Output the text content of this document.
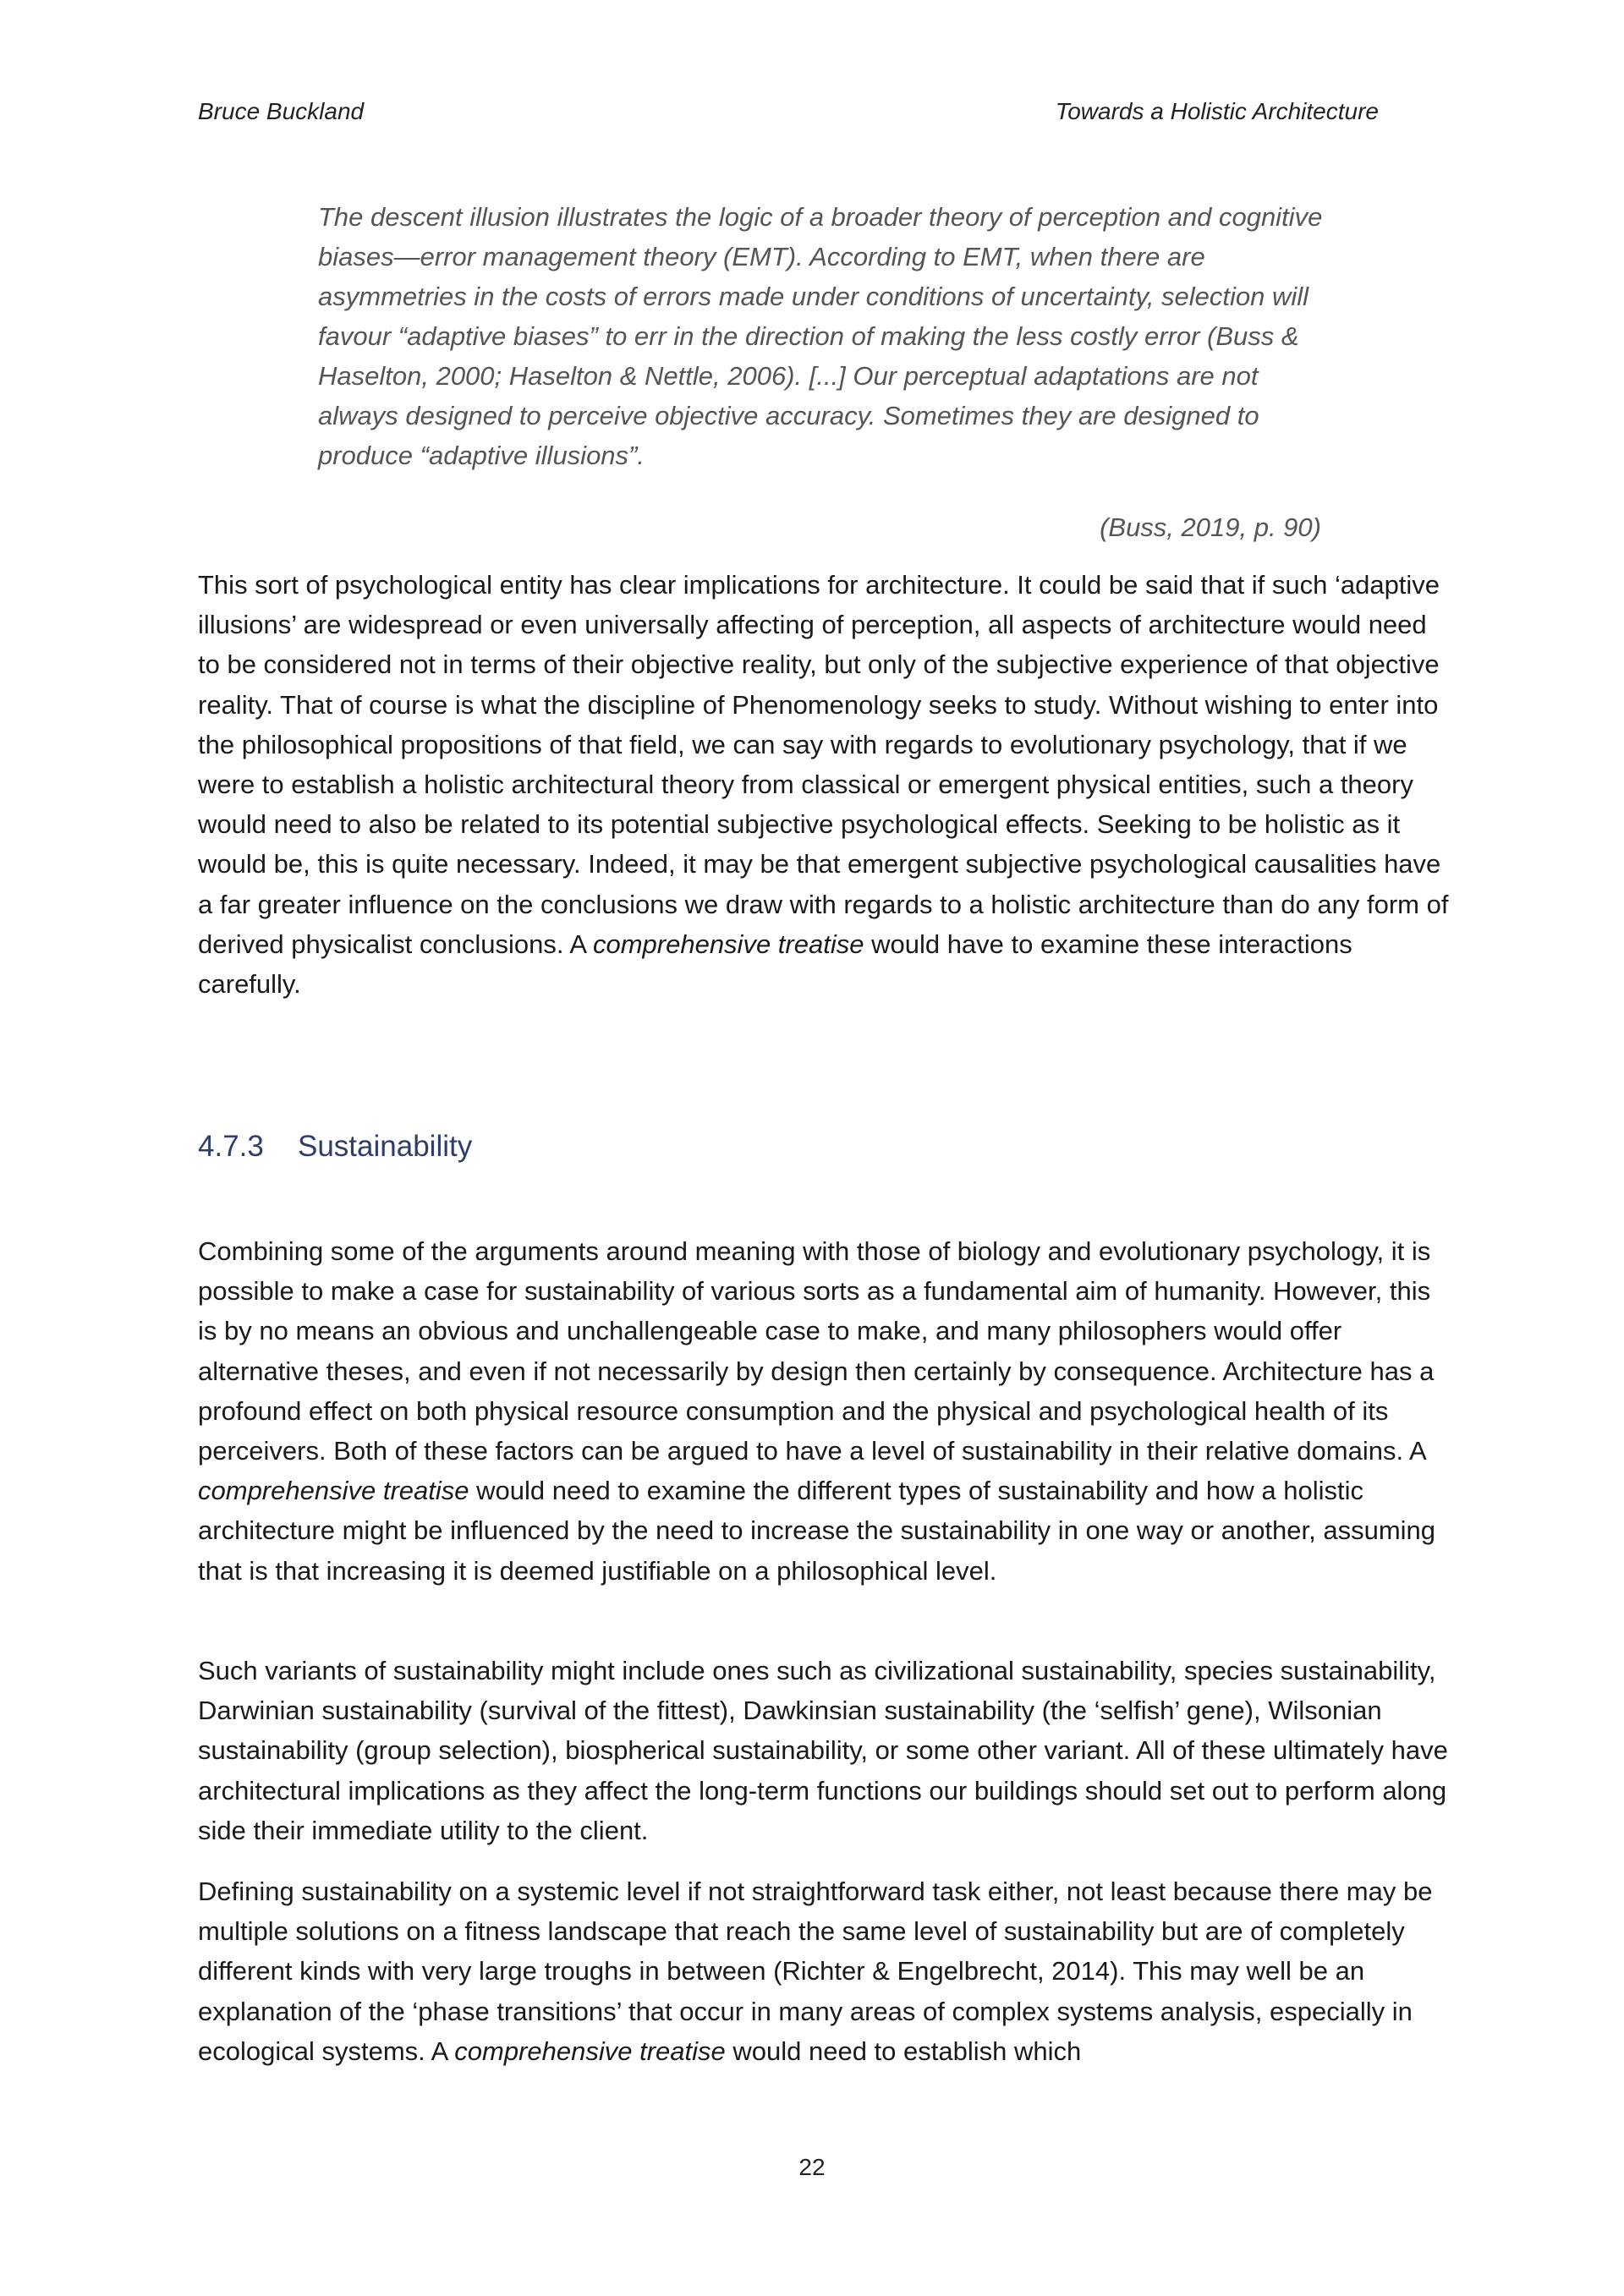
Bruce Buckland	Towards a Holistic Architecture

The descent illusion illustrates the logic of a broader theory of perception and cognitive biases—error management theory (EMT). According to EMT, when there are asymmetries in the costs of errors made under conditions of uncertainty, selection will favour “adaptive biases” to err in the direction of making the less costly error (Buss & Haselton, 2000; Haselton & Nettle, 2006). [...] Our perceptual adaptations are not always designed to perceive objective accuracy. Sometimes they are designed to produce “adaptive illusions”.

(Buss, 2019, p. 90)

This sort of psychological entity has clear implications for architecture. It could be said that if such ‘adaptive illusions’ are widespread or even universally affecting of perception, all aspects of architecture would need to be considered not in terms of their objective reality, but only of the subjective experience of that objective reality. That of course is what the discipline of Phenomenology seeks to study. Without wishing to enter into the philosophical propositions of that field, we can say with regards to evolutionary psychology, that if we were to establish a holistic architectural theory from classical or emergent physical entities, such a theory would need to also be related to its potential subjective psychological effects. Seeking to be holistic as it would be, this is quite necessary. Indeed, it may be that emergent subjective psychological causalities have a far greater influence on the conclusions we draw with regards to a holistic architecture than do any form of derived physicalist conclusions. A comprehensive treatise would have to examine these interactions carefully.

4.7.3 Sustainability

Combining some of the arguments around meaning with those of biology and evolutionary psychology, it is possible to make a case for sustainability of various sorts as a fundamental aim of humanity. However, this is by no means an obvious and unchallengeable case to make, and many philosophers would offer alternative theses, and even if not necessarily by design then certainly by consequence. Architecture has a profound effect on both physical resource consumption and the physical and psychological health of its perceivers. Both of these factors can be argued to have a level of sustainability in their relative domains. A comprehensive treatise would need to examine the different types of sustainability and how a holistic architecture might be influenced by the need to increase the sustainability in one way or another, assuming that is that increasing it is deemed justifiable on a philosophical level.

Such variants of sustainability might include ones such as civilizational sustainability, species sustainability, Darwinian sustainability (survival of the fittest), Dawkinsian sustainability (the ‘selfish’ gene), Wilsonian sustainability (group selection), biospherical sustainability, or some other variant. All of these ultimately have architectural implications as they affect the long-term functions our buildings should set out to perform along side their immediate utility to the client.

Defining sustainability on a systemic level if not straightforward task either, not least because there may be multiple solutions on a fitness landscape that reach the same level of sustainability but are of completely different kinds with very large troughs in between (Richter & Engelbrecht, 2014). This may well be an explanation of the ‘phase transitions’ that occur in many areas of complex systems analysis, especially in ecological systems. A comprehensive treatise would need to establish which

22
